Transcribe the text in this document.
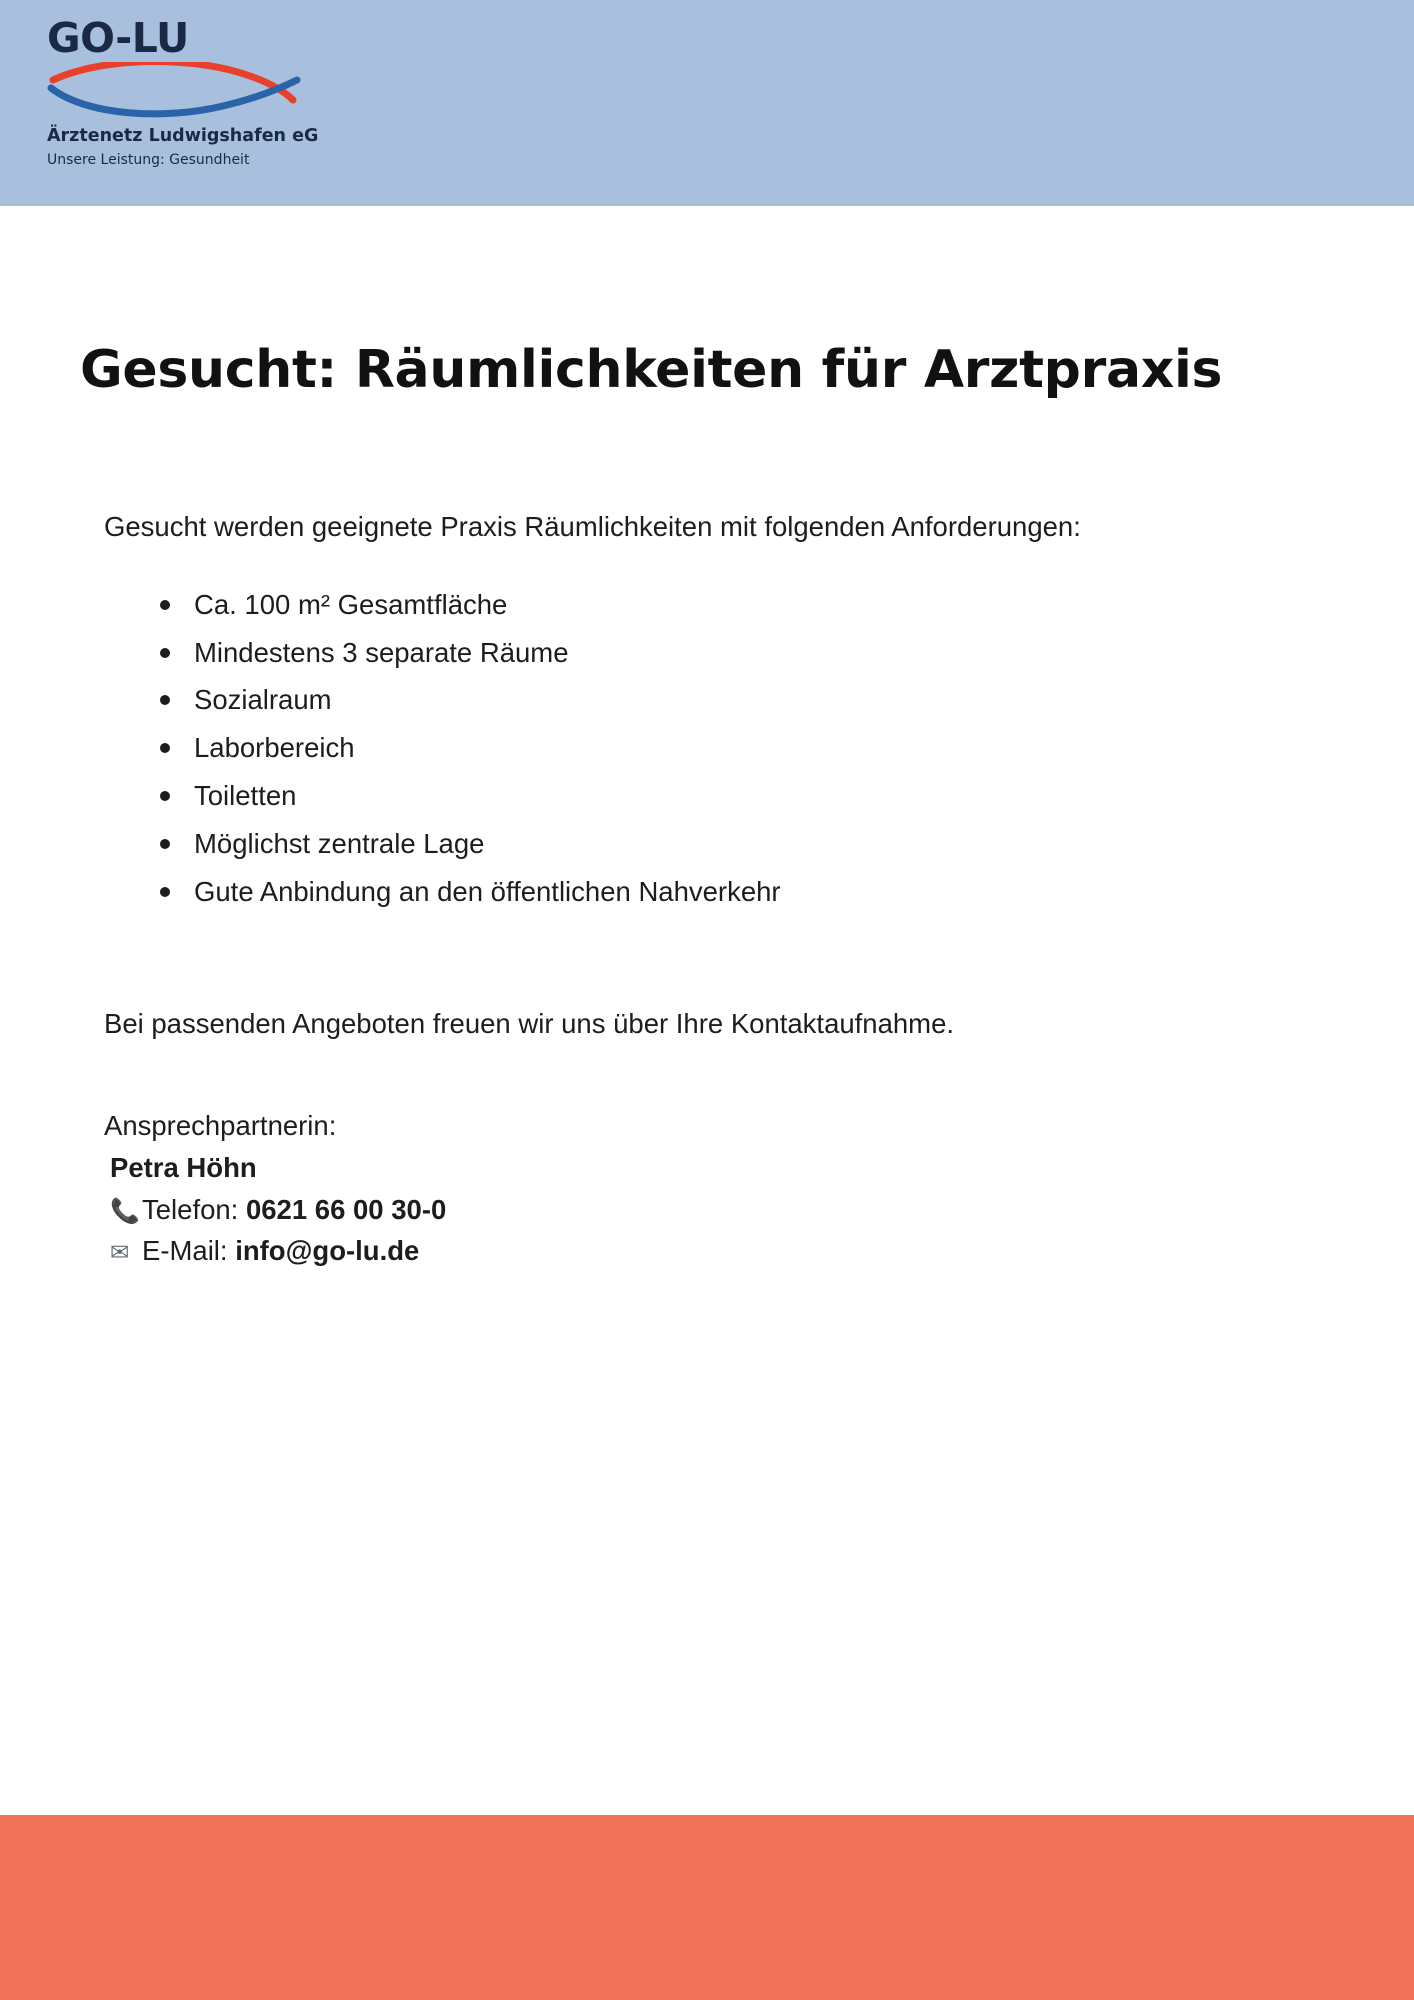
GO-LU
Ärztenetz Ludwigshafen eG
Unsere Leistung: Gesundheit
Gesucht: Räumlichkeiten für Arztpraxis

Gesucht werden geeignete Praxis Räumlichkeiten mit folgenden Anforderungen:

Ca. 100 m² Gesamtfläche
Mindestens 3 separate Räume
Sozialraum
Laborbereich
Toiletten
Möglichst zentrale Lage
Gute Anbindung an den öffentlichen Nahverkehr

Bei passenden Angeboten freuen wir uns über Ihre Kontaktaufnahme.

Ansprechpartnerin:

Petra Höhn

📞Telefon: 0621 66 00 30-0

✉ E-Mail: info@go-lu.de
